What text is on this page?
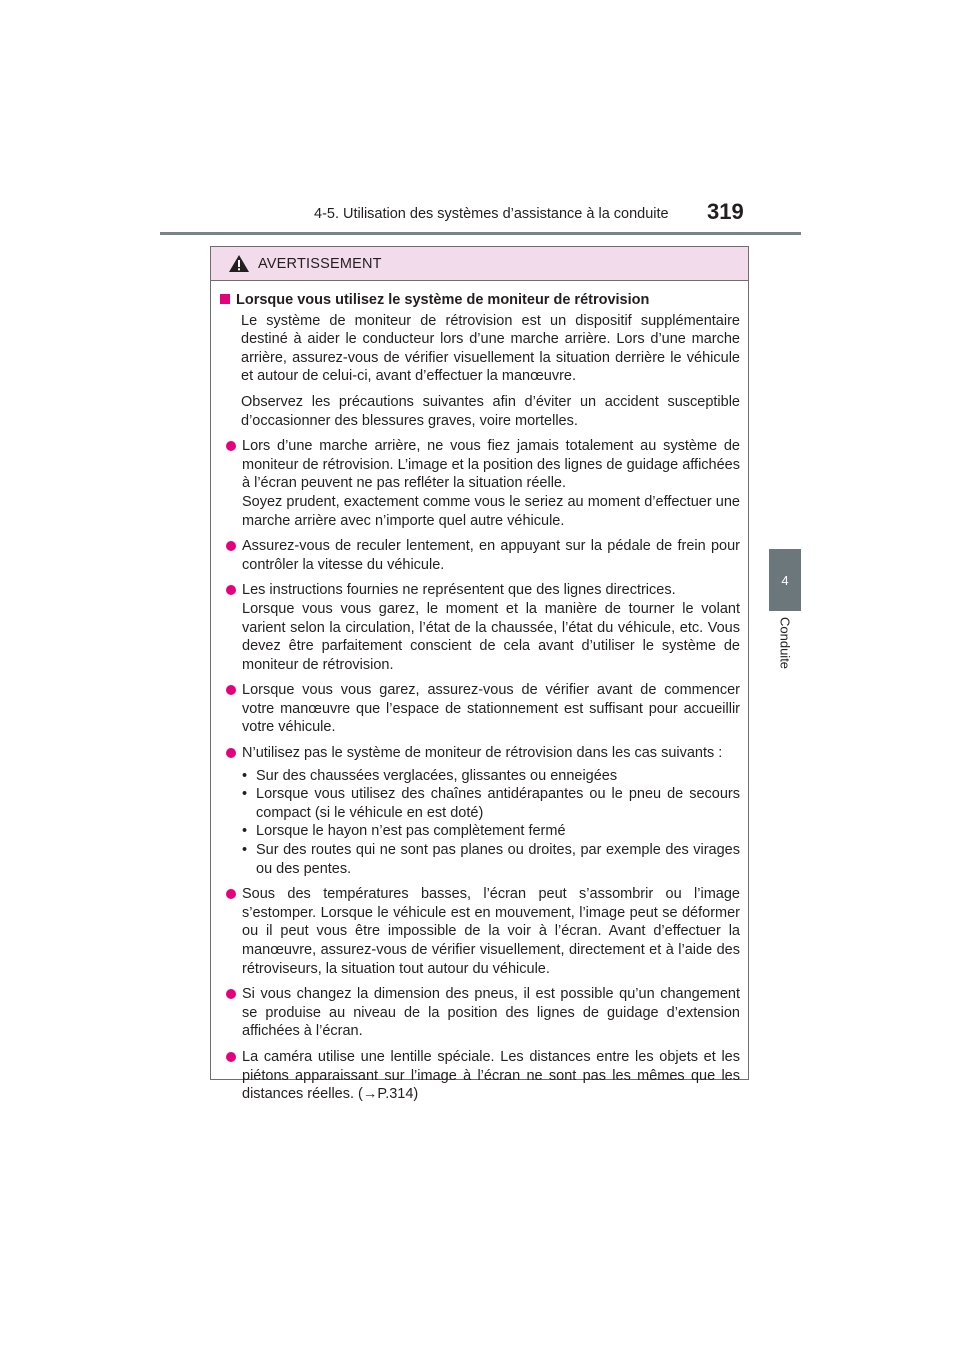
4-5. Utilisation des systèmes d’assistance à la conduite 319
4
Conduite
AVERTISSEMENT
Lorsque vous utilisez le système de moniteur de rétrovision

Le système de moniteur de rétrovision est un dispositif supplémentaire destiné à aider le conducteur lors d’une marche arrière. Lors d’une marche arrière, assurez-vous de vérifier visuellement la situation derrière le véhicule et autour de celui-ci, avant d’effectuer la manœuvre.

Observez les précautions suivantes afin d’éviter un accident susceptible d’occasionner des blessures graves, voire mortelles.

Lors d’une marche arrière, ne vous fiez jamais totalement au système de moniteur de rétrovision. L’image et la position des lignes de guidage affichées à l’écran peuvent ne pas refléter la situation réelle.

Soyez prudent, exactement comme vous le seriez au moment d’effectuer une marche arrière avec n’importe quel autre véhicule.

Assurez-vous de reculer lentement, en appuyant sur la pédale de frein pour contrôler la vitesse du véhicule.

Les instructions fournies ne représentent que des lignes directrices.

Lorsque vous vous garez, le moment et la manière de tourner le volant varient selon la circulation, l’état de la chaussée, l’état du véhicule, etc. Vous devez être parfaitement conscient de cela avant d’utiliser le système de moniteur de rétrovision.

Lorsque vous vous garez, assurez-vous de vérifier avant de commencer votre manœuvre que l’espace de stationnement est suffisant pour accueillir votre véhicule.

N’utilisez pas le système de moniteur de rétrovision dans les cas suivants :

• Sur des chaussées verglacées, glissantes ou enneigées
• Lorsque vous utilisez des chaînes antidérapantes ou le pneu de secours compact (si le véhicule en est doté)
• Lorsque le hayon n’est pas complètement fermé
• Sur des routes qui ne sont pas planes ou droites, par exemple des virages ou des pentes.

Sous des températures basses, l’écran peut s’assombrir ou l’image s’estomper. Lorsque le véhicule est en mouvement, l’image peut se déformer ou il peut vous être impossible de la voir à l’écran. Avant d’effectuer la manœuvre, assurez-vous de vérifier visuellement, directement et à l’aide des rétroviseurs, la situation tout autour du véhicule.

Si vous changez la dimension des pneus, il est possible qu’un changement se produise au niveau de la position des lignes de guidage d’extension affichées à l’écran.

La caméra utilise une lentille spéciale. Les distances entre les objets et les piétons apparaissant sur l’image à l’écran ne sont pas les mêmes que les distances réelles. (→P.314)
